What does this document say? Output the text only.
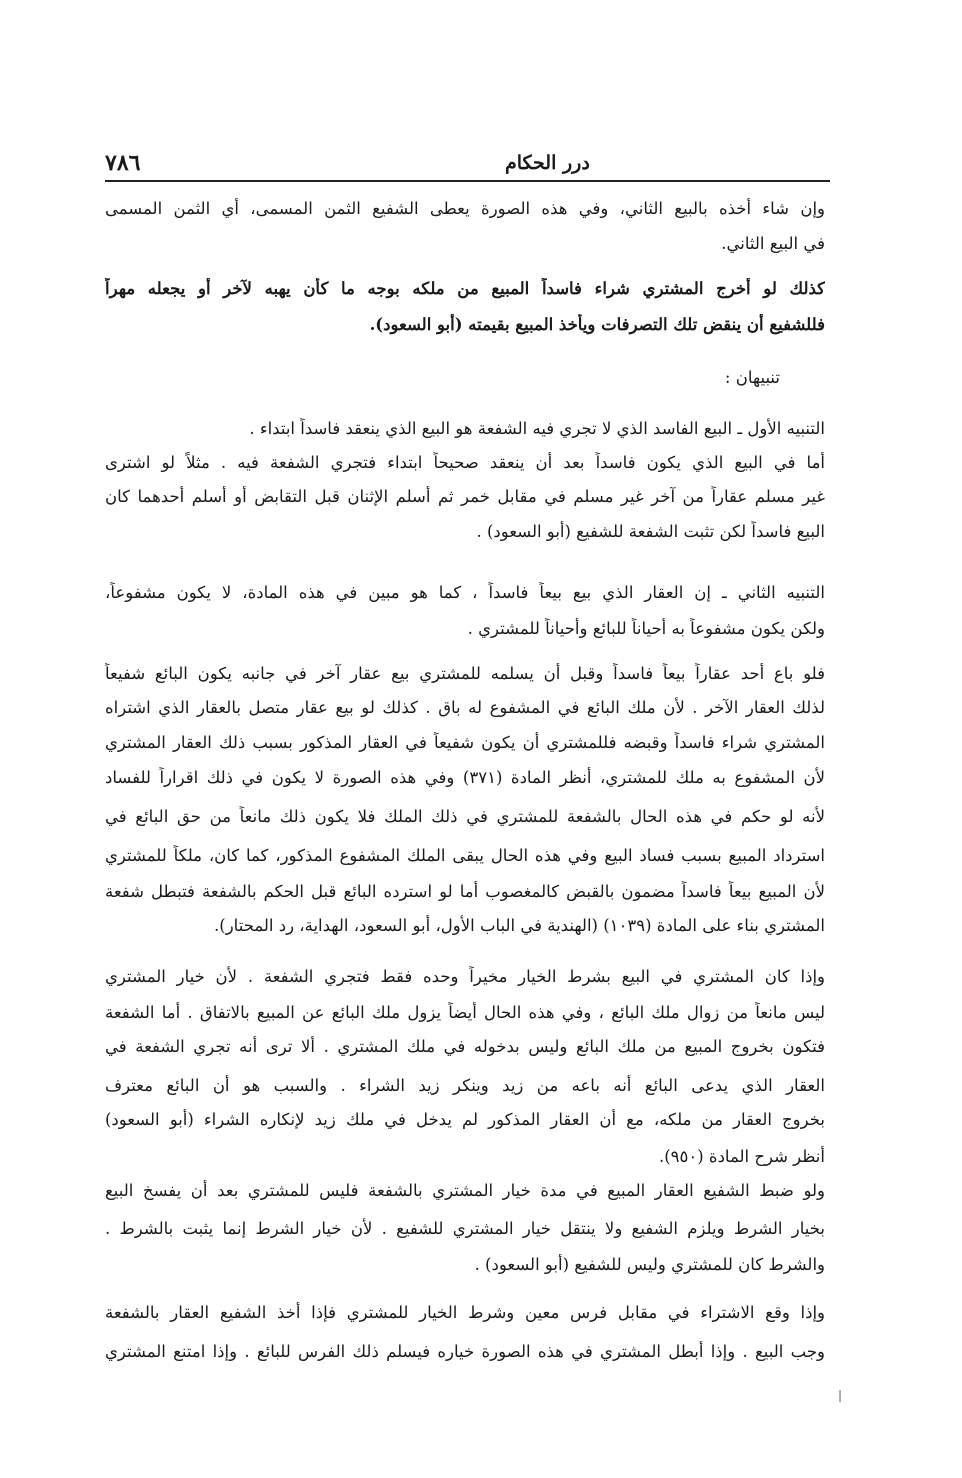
٧٨٦	درر الحكام
وإن شاء أخذه بالبيع الثاني، وفي هذه الصورة يعطى الشفيع الثمن المسمى، أي الثمن المسمى
في البيع الثاني.
كذلك لو أخرج المشتري شراء فاسداً المبيع من ملكه بوجه ما كأن يهبه لآخر أو يجعله مهراً
فللشفيع أن ينقض تلك التصرفات ويأخذ المبيع بقيمته (أبو السعود).
تنبيهان :
التنبيه الأول ـ البيع الفاسد الذي لا تجري فيه الشفعة هو البيع الذي ينعقد فاسداً ابتداء .
أما في البيع الذي يكون فاسداً بعد أن ينعقد صحيحاً ابتداء فتجري الشفعة فيه . مثلاً لو اشترى
غير مسلم عقاراً من آخر غير مسلم في مقابل خمر ثم أسلم الإثنان قبل التقابض أو أسلم أحدهما كان
البيع فاسداً لكن تثبت الشفعة للشفيع (أبو السعود) .
التنبيه الثاني ـ إن العقار الذي بيع بيعاً فاسداً ، كما هو مبين في هذه المادة، لا يكون مشفوعاً،
ولكن يكون مشفوعاً به أحياناً للبائع وأحياناً للمشتري .
فلو باع أحد عقاراً بيعاً فاسداً وقبل أن يسلمه للمشتري بيع عقار آخر في جانبه يكون البائع شفيعاً
لذلك العقار الآخر . لأن ملك البائع في المشفوع له باق . كذلك لو بيع عقار متصل بالعقار الذي اشتراه
المشتري شراء فاسداً وقبضه فللمشتري أن يكون شفيعاً في العقار المذكور بسبب ذلك العقار المشتري
لأن المشفوع به ملك للمشتري، أنظر المادة (٣٧١) وفي هذه الصورة لا يكون في ذلك اقراراً للفساد
لأنه لو حكم في هذه الحال بالشفعة للمشتري في ذلك الملك فلا يكون ذلك مانعاً من حق البائع في
استرداد المبيع بسبب فساد البيع وفي هذه الحال يبقى الملك المشفوع المذكور، كما كان، ملكاً للمشتري
لأن المبيع بيعاً فاسداً مضمون بالقبض كالمغصوب أما لو استرده البائع قبل الحكم بالشفعة فتبطل شفعة
المشتري بناء على المادة (١٠٣٩) (الهندية في الباب الأول، أبو السعود، الهداية، رد المحتار).
وإذا كان المشتري في البيع بشرط الخيار مخيراً وحده فقط فتجري الشفعة . لأن خيار المشتري
ليس مانعاً من زوال ملك البائع ، وفي هذه الحال أيضاً يزول ملك البائع عن المبيع بالاتفاق . أما الشفعة
فتكون بخروج المبيع من ملك البائع وليس بدخوله في ملك المشتري . ألا ترى أنه تجري الشفعة في
العقار الذي يدعى البائع أنه باعه من زيد وينكر زيد الشراء . والسبب هو أن البائع معترف
بخروج العقار من ملكه، مع أن العقار المذكور لم يدخل في ملك زيد لإنكاره الشراء (أبو السعود)
أنظر شرح المادة (٩٥٠).
ولو ضبط الشفيع العقار المبيع في مدة خيار المشتري بالشفعة فليس للمشتري بعد أن يفسخ البيع
بخيار الشرط ويلزم الشفيع ولا ينتقل خيار المشتري للشفيع . لأن خيار الشرط إنما يثبت بالشرط .
والشرط كان للمشتري وليس للشفيع (أبو السعود) .
وإذا وقع الاشتراء في مقابل فرس معين وشرط الخيار للمشتري فإذا أخذ الشفيع العقار بالشفعة
وجب البيع . وإذا أبطل المشتري في هذه الصورة خياره فيسلم ذلك الفرس للبائع . وإذا امتنع المشتري
|
